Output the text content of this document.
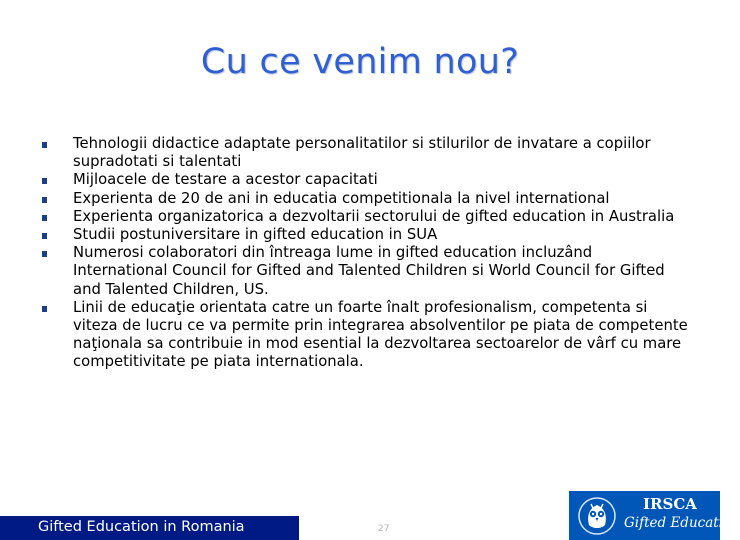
Cu ce venim nou?
Tehnologii didactice adaptate personalitatilor si stilurilor de invatare a copiilor supradotati si talentati
Mijloacele de testare a acestor capacitati
Experienta de 20 de ani in educatia competitionala la nivel international
Experienta organizatorica a dezvoltarii sectorului de gifted education in Australia
Studii postuniversitare in gifted education in SUA
Numerosi colaboratori din întreaga lume in gifted education incluzând International Council for Gifted and Talented Children si World Council for Gifted and Talented Children, US.
Linii de educaţie orientata catre un foarte înalt profesionalism, competenta si viteza de lucru ce va permite prin integrarea absolventilor pe piata de competente naţionala sa contribuie in mod esential la dezvoltarea sectoarelor de vârf cu mare competitivitate pe piata internationala.
Gifted Education in Romania	27
IRSCA
Gifted Education
